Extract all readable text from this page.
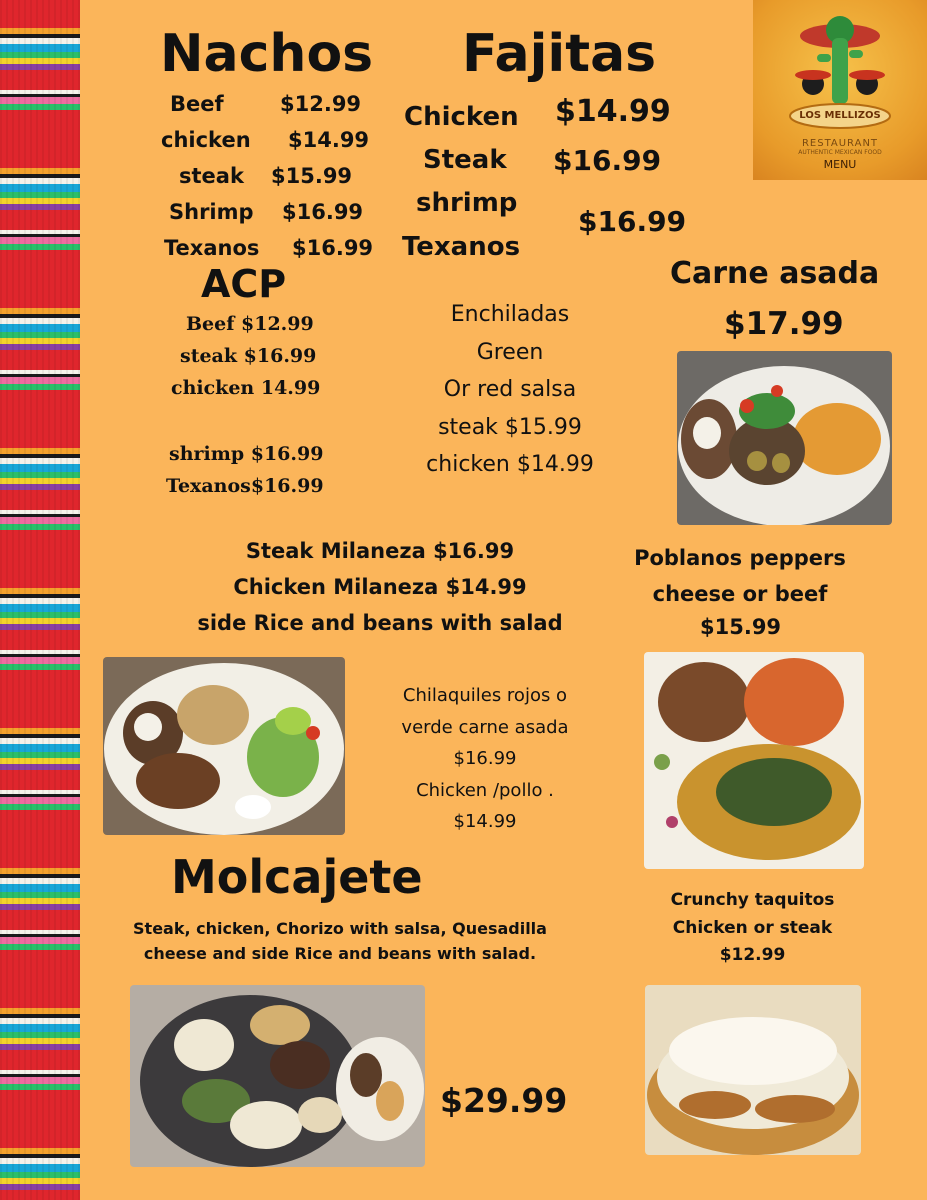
LOS MELLIZOS
RESTAURANT
AUTHENTIC MEXICAN FOOD
MENU
Nachos
Beef	$12.99
chicken $14.99
steak $15.99
Shrimp $16.99
Texanos $16.99
Fajitas
Chicken $14.99
Steak $16.99
shrimp
$16.99
Texanos
Carne asada
$17.99
ACP
Beef $12.99
steak $16.99
chicken 14.99
shrimp $16.99
Texanos$16.99
Enchiladas
Green
Or red salsa
steak $15.99
chicken $14.99
Steak Milaneza $16.99
Chicken Milaneza $14.99
side Rice and beans with salad
Poblanos peppers
cheese or beef
$15.99
Chilaquiles rojos o
verde carne asada
$16.99
Chicken /pollo .
$14.99
Molcajete
Steak, chicken, Chorizo with salsa, Quesadilla
cheese and side Rice and beans with salad.
$29.99
Crunchy taquitos
Chicken or steak
$12.99
